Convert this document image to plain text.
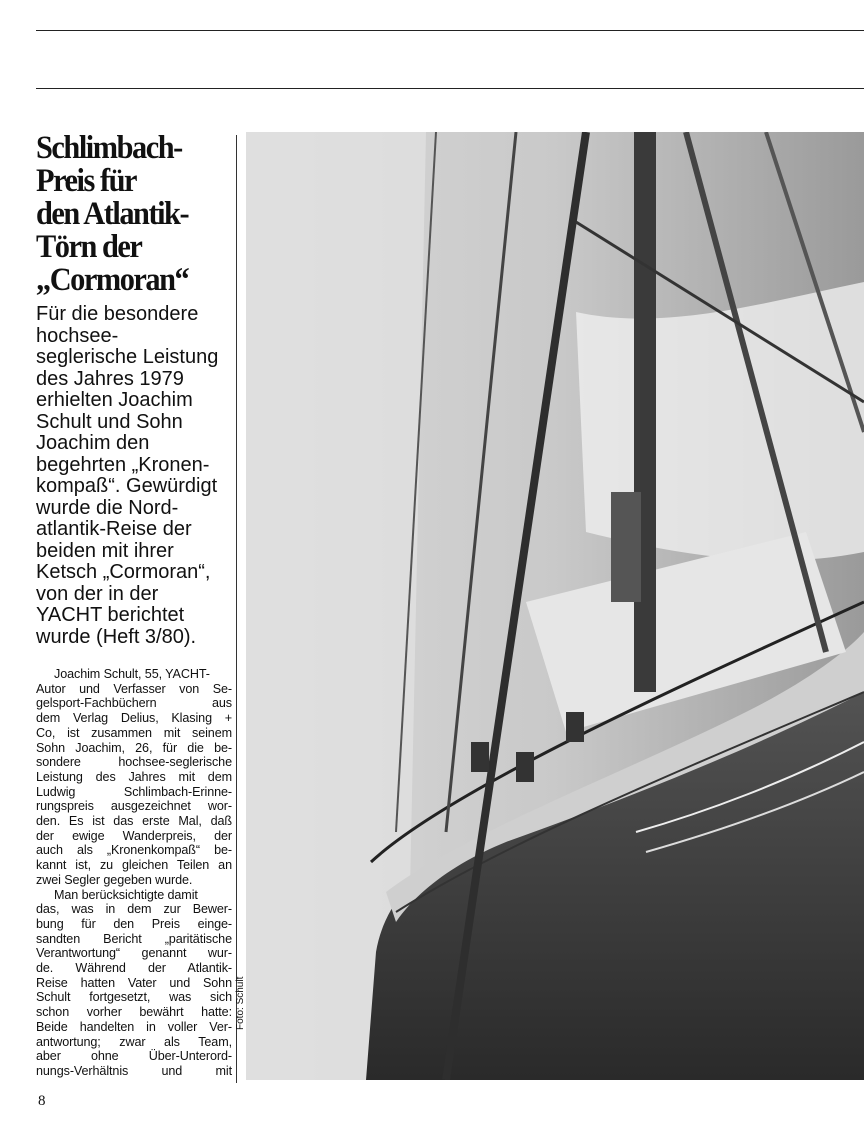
Schlimbach-
Preis für
den Atlantik-
Törn der
„Cormoran“
Für die besondere
hochsee-
seglerische Leistung
des Jahres 1979
erhielten Joachim
Schult und Sohn
Joachim den
begehrten „Kronen-
kompaß“. Gewürdigt
wurde die Nord-
atlantik-Reise der
beiden mit ihrer
Ketsch „Cormoran“,
von der in der
YACHT berichtet
wurde (Heft 3/80).
Joachim Schult, 55, YACHT-
Autor und Verfasser von Se-
gelsport-Fachbüchern aus
dem Verlag Delius, Klasing +
Co, ist zusammen mit seinem
Sohn Joachim, 26, für die be-
sondere hochsee-seglerische
Leistung des Jahres mit dem
Ludwig Schlimbach-Erinne-
rungspreis ausgezeichnet wor-
den. Es ist das erste Mal, daß
der ewige Wanderpreis, der
auch als „Kronenkompaß“ be-
kannt ist, zu gleichen Teilen an
zwei Segler gegeben wurde.
Man berücksichtigte damit
das, was in dem zur Bewer-
bung für den Preis einge-
sandten Bericht „paritätische
Verantwortung“ genannt wur-
de. Während der Atlantik-
Reise hatten Vater und Sohn
Schult fortgesetzt, was sich
schon vorher bewährt hatte:
Beide handelten in voller Ver-
antwortung; zwar als Team,
aber ohne Über-Unterord-
nungs-Verhältnis und mit
Foto: Schult
8
